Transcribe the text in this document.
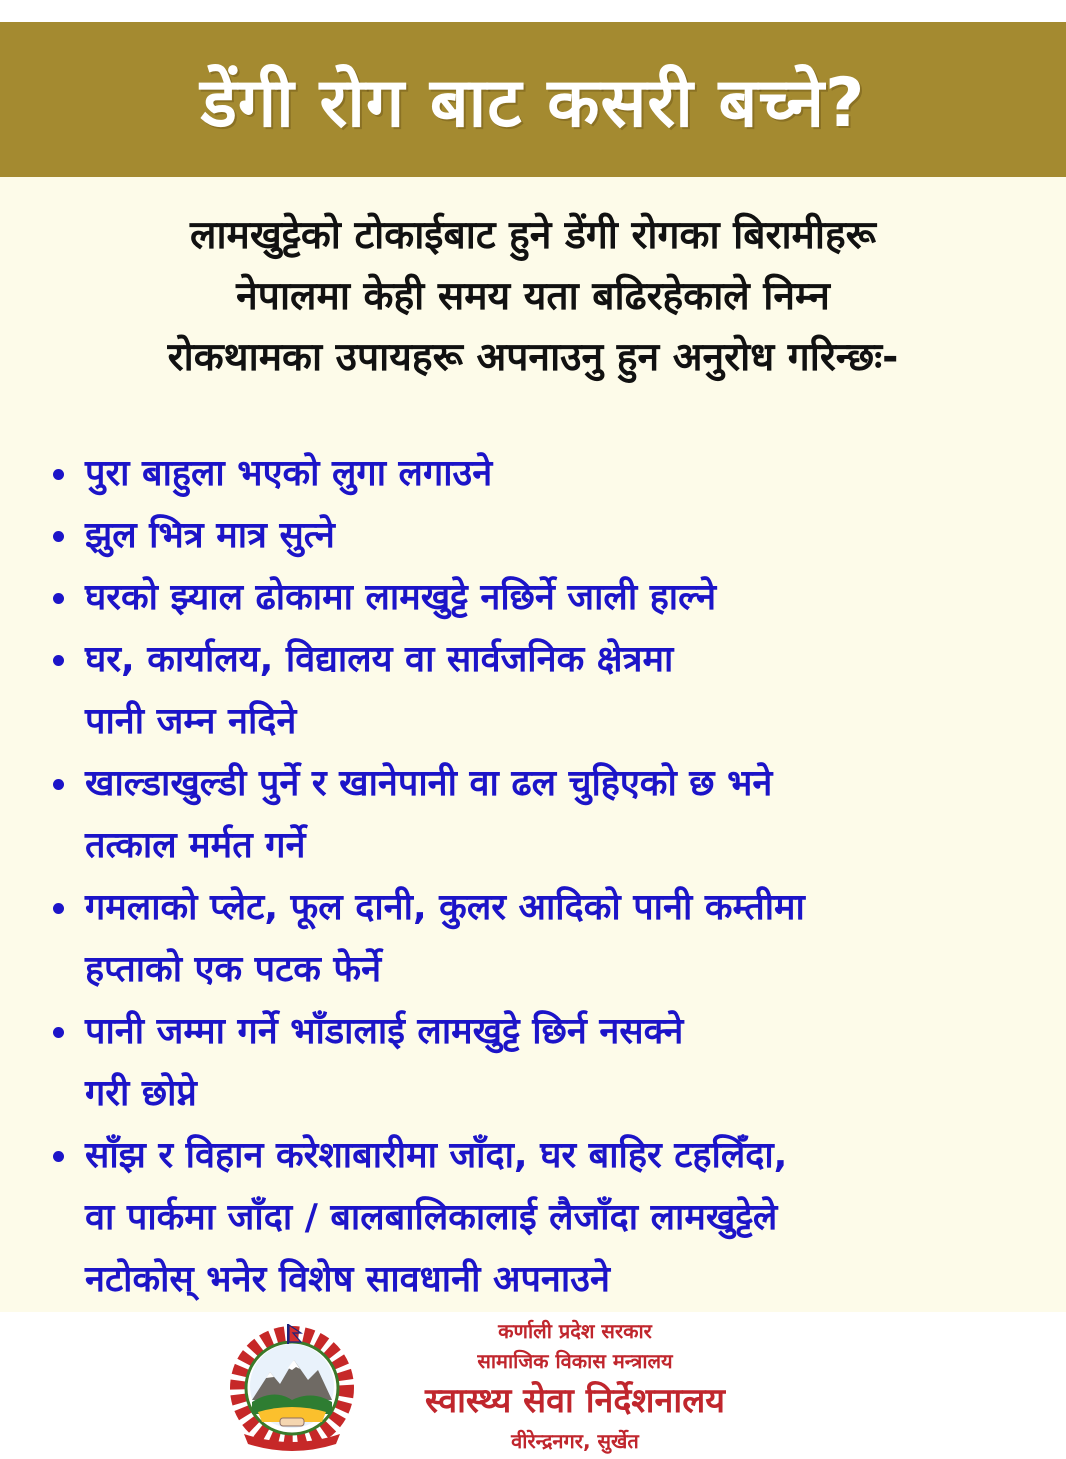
डेंगी रोग बाट कसरी बच्ने?
लामखुट्टेको टोकाईबाट हुने डेंगी रोगका बिरामीहरू
नेपालमा केही समय यता बढिरहेकाले निम्न
रोकथामका उपायहरू अपनाउनु हुन अनुरोध गरिन्छः-
पुरा बाहुला भएको लुगा लगाउने
झुल भित्र मात्र सुत्ने
घरको झ्याल ढोकामा लामखुट्टे नछिर्ने जाली हाल्ने
घर, कार्यालय, विद्यालय वा सार्वजनिक क्षेत्रमा
पानी जम्न नदिने
खाल्डाखुल्डी पुर्ने र खानेपानी वा ढल चुहिएको छ भने
तत्काल मर्मत गर्ने
गमलाको प्लेट, फूल दानी, कुलर आदिको पानी कम्तीमा
हप्ताको एक पटक फेर्ने
पानी जम्मा गर्ने भाँडालाई लामखुट्टे छिर्न नसक्ने
गरी छोप्ने
साँझ र विहान करेशाबारीमा जाँदा, घर बाहिर टहलिँदा,
वा पार्कमा जाँदा / बालबालिकालाई लैजाँदा लामखुट्टेले
नटोकोस् भनेर विशेष सावधानी अपनाउने
कर्णाली प्रदेश सरकार
सामाजिक विकास मन्त्रालय
स्वास्थ्य सेवा निर्देशनालय
वीरेन्द्रनगर, सुर्खेत
